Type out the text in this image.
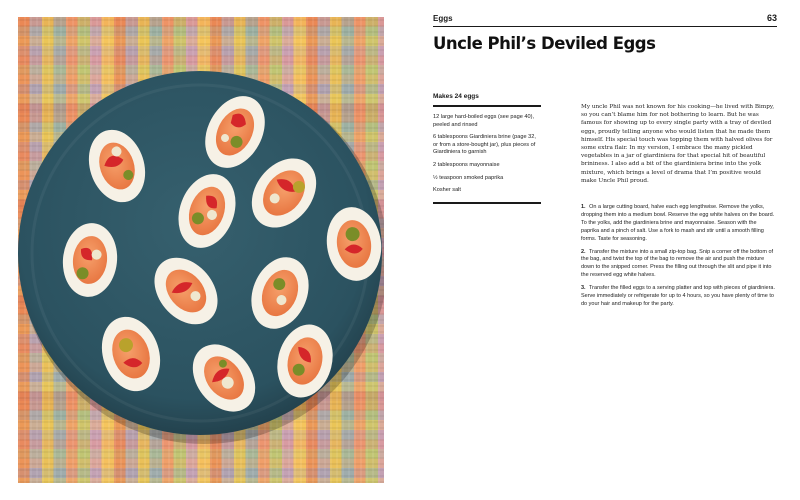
Eggs	63
Uncle Phil’s Deviled Eggs
Makes 24 eggs
12 large hard-boiled eggs (see page 40), peeled and rinsed
6 tablespoons Giardiniera brine (page 32, or from a store-bought jar), plus pieces of Giardiniera to garnish
2 tablespoons mayonnaise
½ teaspoon smoked paprika
Kosher salt

My uncle Phil was not known for his cooking—he lived with Bimpy, so you can’t blame him for not bothering to learn. But he was famous for showing up to every single party with a tray of deviled eggs, proudly telling anyone who would listen that he made them himself. His special touch was topping them with halved olives for some extra flair. In my version, I embrace the many pickled vegetables in a jar of giardiniera for that special hit of beautiful brininess. I also add a bit of the giardiniera brine into the yolk mixture, which brings a level of drama that I’m positive would make Uncle Phil proud.

1. On a large cutting board, halve each egg lengthwise. Remove the yolks, dropping them into a medium bowl. Reserve the egg white halves on the board. To the yolks, add the giardiniera brine and mayonnaise. Season with the paprika and a pinch of salt. Use a fork to mash and stir until a smooth filling forms. Taste for seasoning.
2. Transfer the mixture into a small zip-top bag. Snip a corner off the bottom of the bag, and twist the top of the bag to remove the air and push the mixture down to the snipped corner. Press the filling out through the slit and pipe it into the reserved egg white halves.
3. Transfer the filled eggs to a serving platter and top with pieces of giardiniera. Serve immediately or refrigerate for up to 4 hours, so you have plenty of time to do your hair and makeup for the party.
